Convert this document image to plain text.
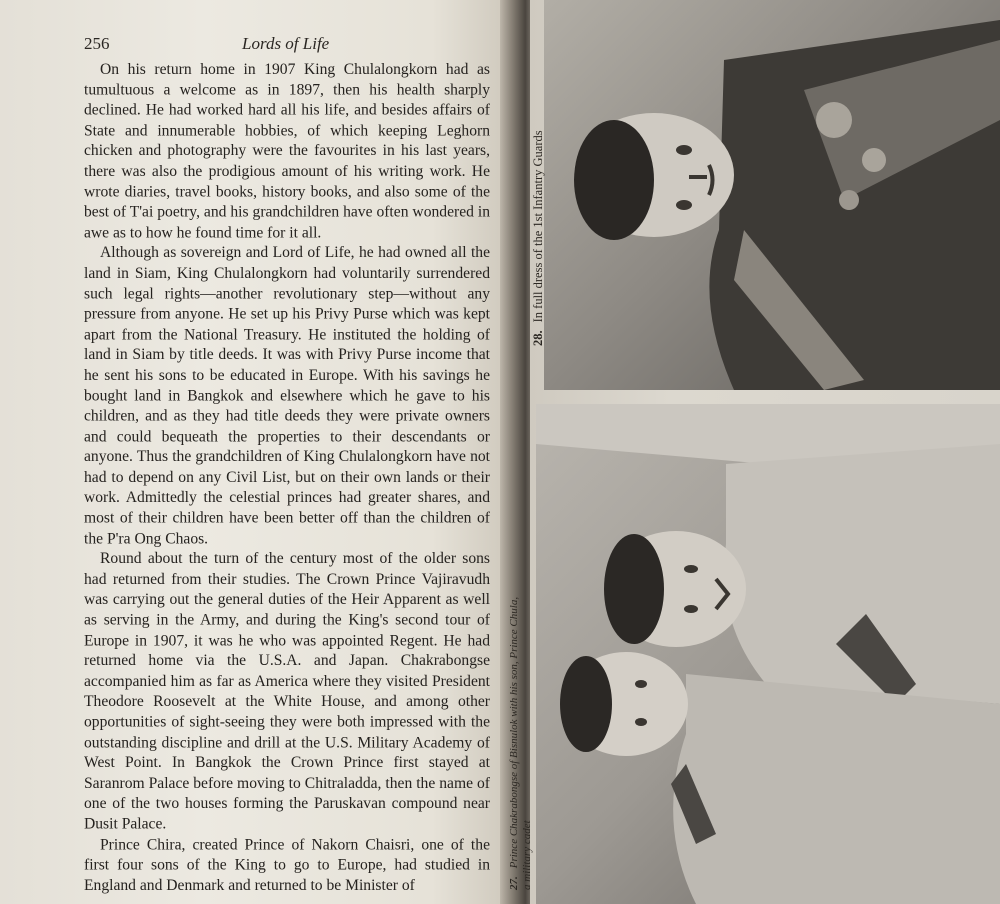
256	Lords of Life

On his return home in 1907 King Chulalongkorn had as tumultuous a welcome as in 1897, then his health sharply declined. He had worked hard all his life, and besides affairs of State and innumerable hobbies, of which keeping Leghorn chicken and photography were the favourites in his last years, there was also the prodigious amount of his writing work. He wrote diaries, travel books, history books, and also some of the best of T'ai poetry, and his grandchildren have often wondered in awe as to how he found time for it all.

Although as sovereign and Lord of Life, he had owned all the land in Siam, King Chulalongkorn had voluntarily surrendered such legal rights—another revolutionary step—without any pressure from anyone. He set up his Privy Purse which was kept apart from the National Treasury. He instituted the holding of land in Siam by title deeds. It was with Privy Purse income that he sent his sons to be educated in Europe. With his savings he bought land in Bangkok and elsewhere which he gave to his children, and as they had title deeds they were private owners and could bequeath the properties to their descendants or anyone. Thus the grandchildren of King Chulalongkorn have not had to depend on any Civil List, but on their own lands or their work. Admittedly the celestial princes had greater shares, and most of their children have been better off than the children of the P'ra Ong Chaos.

Round about the turn of the century most of the older sons had returned from their studies. The Crown Prince Vajiravudh was carrying out the general duties of the Heir Apparent as well as serving in the Army, and during the King's second tour of Europe in 1907, it was he who was appointed Regent. He had returned home via the U.S.A. and Japan. Chakrabongse accompanied him as far as America where they visited President Theodore Roosevelt at the White House, and among other opportunities of sight-seeing they were both impressed with the outstanding discipline and drill at the U.S. Military Academy of West Point. In Bangkok the Crown Prince first stayed at Saranrom Palace before moving to Chitraladda, then the name of one of the two houses forming the Paruskavan compound near Dusit Palace.

Prince Chira, created Prince of Nakorn Chaisri, one of the first four sons of the King to go to Europe, had studied in England and Denmark and returned to be Minister of

28.In full dress of the 1st Infantry Guards
27.Prince Chakrabongse of Bisnulok with his son, Prince Chula, a military cadet
